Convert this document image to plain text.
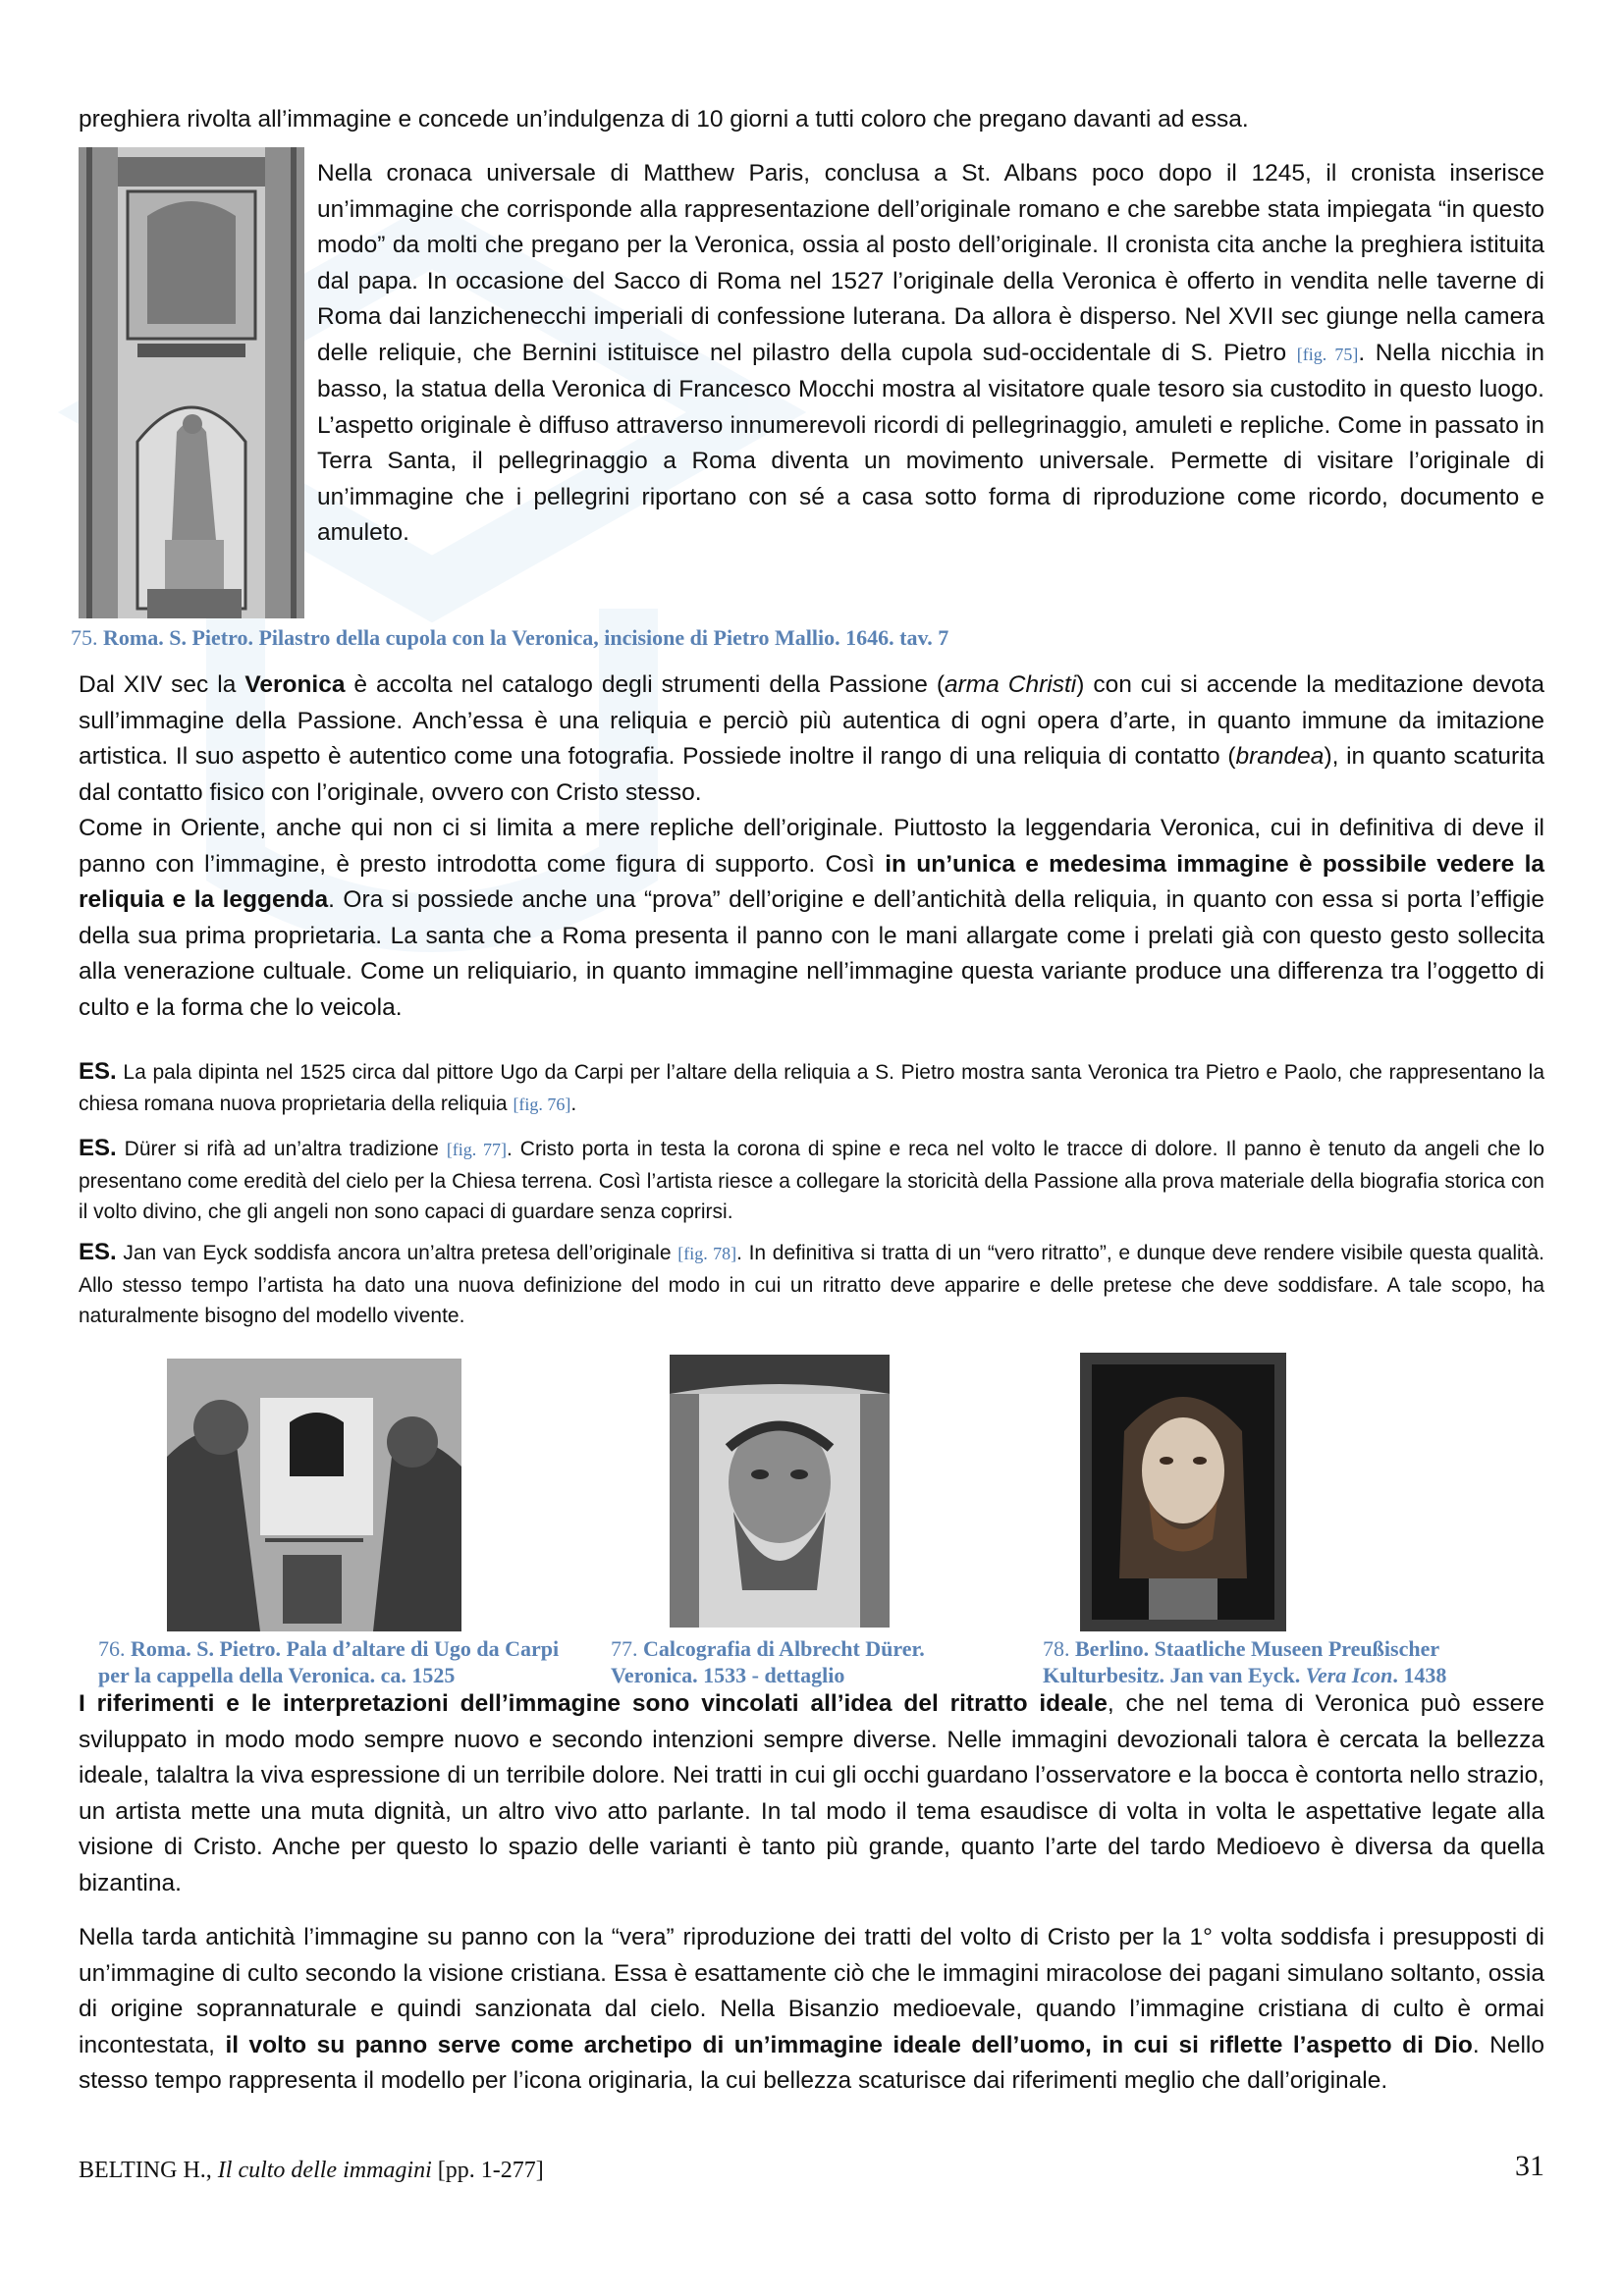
preghiera rivolta all’immagine e concede un’indulgenza di 10 giorni a tutti coloro che pregano davanti ad essa.
Nella cronaca universale di Matthew Paris, conclusa a St. Albans poco dopo il 1245, il cronista inserisce un’immagine che corrisponde alla rappresentazione dell’originale romano e che sarebbe stata impiegata “in questo modo” da molti che pregano per la Veronica, ossia al posto dell’originale. Il cronista cita anche la preghiera istituita dal papa. In occasione del Sacco di Roma nel 1527 l’originale della Veronica è offerto in vendita nelle taverne di Roma dai lanzichenecchi imperiali di confessione luterana. Da allora è disperso. Nel XVII sec giunge nella camera delle reliquie, che Bernini istituisce nel pilastro della cupola sud-occidentale di S. Pietro [fig. 75]. Nella nicchia in basso, la statua della Veronica di Francesco Mocchi mostra al visitatore quale tesoro sia custodito in questo luogo. L’aspetto originale è diffuso attraverso innumerevoli ricordi di pellegrinaggio, amuleti e repliche. Come in passato in Terra Santa, il pellegrinaggio a Roma diventa un movimento universale. Permette di visitare l’originale di un’immagine che i pellegrini riportano con sé a casa sotto forma di riproduzione come ricordo, documento e amuleto.
75. Roma. S. Pietro. Pilastro della cupola con la Veronica, incisione di Pietro Mallio. 1646. tav. 7
Dal XIV sec la Veronica è accolta nel catalogo degli strumenti della Passione (arma Christi) con cui si accende la meditazione devota sull’immagine della Passione. Anch’essa è una reliquia e perciò più autentica di ogni opera d’arte, in quanto immune da imitazione artistica. Il suo aspetto è autentico come una fotografia. Possiede inoltre il rango di una reliquia di contatto (brandea), in quanto scaturita dal contatto fisico con l’originale, ovvero con Cristo stesso.
Come in Oriente, anche qui non ci si limita a mere repliche dell’originale. Piuttosto la leggendaria Veronica, cui in definitiva di deve il panno con l’immagine, è presto introdotta come figura di supporto. Così in un’unica e medesima immagine è possibile vedere la reliquia e la leggenda. Ora si possiede anche una “prova” dell’origine e dell’antichità della reliquia, in quanto con essa si porta l’effigie della sua prima proprietaria. La santa che a Roma presenta il panno con le mani allargate come i prelati già con questo gesto sollecita alla venerazione cultuale. Come un reliquiario, in quanto immagine nell’immagine questa variante produce una differenza tra l’oggetto di culto e la forma che lo veicola.
ES. La pala dipinta nel 1525 circa dal pittore Ugo da Carpi per l’altare della reliquia a S. Pietro mostra santa Veronica tra Pietro e Paolo, che rappresentano la chiesa romana nuova proprietaria della reliquia [fig. 76].
ES. Dürer si rifà ad un’altra tradizione [fig. 77]. Cristo porta in testa la corona di spine e reca nel volto le tracce di dolore. Il panno è tenuto da angeli che lo presentano come eredità del cielo per la Chiesa terrena. Così l’artista riesce a collegare la storicità della Passione alla prova materiale della biografia storica con il volto divino, che gli angeli non sono capaci di guardare senza coprirsi.
ES. Jan van Eyck soddisfa ancora un’altra pretesa dell’originale [fig. 78]. In definitiva si tratta di un “vero ritratto”, e dunque deve rendere visibile questa qualità. Allo stesso tempo l’artista ha dato una nuova definizione del modo in cui un ritratto deve apparire e delle pretese che deve soddisfare. A tale scopo, ha naturalmente bisogno del modello vivente.
76. Roma. S. Pietro. Pala d’altare di Ugo da Carpi per la cappella della Veronica. ca. 1525
77. Calcografia di Albrecht Dürer. Veronica. 1533 - dettaglio
78. Berlino. Staatliche Museen Preußischer Kulturbesitz. Jan van Eyck. Vera Icon. 1438
I riferimenti e le interpretazioni dell’immagine sono vincolati all’idea del ritratto ideale, che nel tema di Veronica può essere sviluppato in modo modo sempre nuovo e secondo intenzioni sempre diverse. Nelle immagini devozionali talora è cercata la bellezza ideale, talaltra la viva espressione di un terribile dolore. Nei tratti in cui gli occhi guardano l’osservatore e la bocca è contorta nello strazio, un artista mette una muta dignità, un altro vivo atto parlante. In tal modo il tema esaudisce di volta in volta le aspettative legate alla visione di Cristo. Anche per questo lo spazio delle varianti è tanto più grande, quanto l’arte del tardo Medioevo è diversa da quella bizantina.
Nella tarda antichità l’immagine su panno con la “vera” riproduzione dei tratti del volto di Cristo per la 1° volta soddisfa i presupposti di un’immagine di culto secondo la visione cristiana. Essa è esattamente ciò che le immagini miracolose dei pagani simulano soltanto, ossia di origine soprannaturale e quindi sanzionata dal cielo. Nella Bisanzio medioevale, quando l’immagine cristiana di culto è ormai incontestata, il volto su panno serve come archetipo di un’immagine ideale dell’uomo, in cui si riflette l’aspetto di Dio. Nello stesso tempo rappresenta il modello per l’icona originaria, la cui bellezza scaturisce dai riferimenti meglio che dall’originale.
BELTING H., Il culto delle immagini [pp. 1-277]	31
